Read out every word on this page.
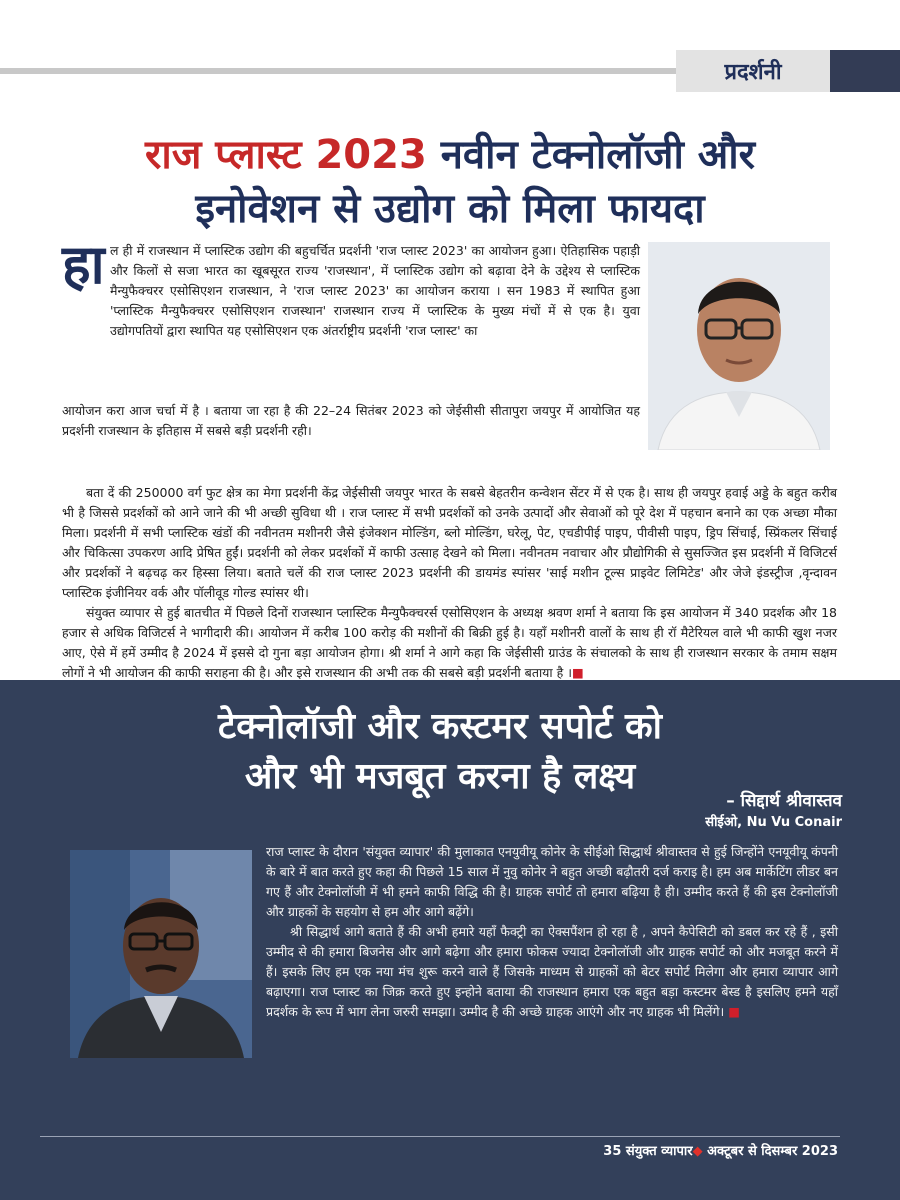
प्रदर्शनी
राज प्लास्ट 2023 नवीन टेक्नोलॉजी और
इनोवेशन से उद्योग को मिला फायदा
हा ल ही में राजस्थान में प्लास्टिक उद्योग की बहुचर्चित प्रदर्शनी 'राज प्लास्ट 2023' का आयोजन हुआ। ऐतिहासिक पहाड़ी और किलों से सजा भारत का खूबसूरत राज्य 'राजस्थान', में प्लास्टिक उद्योग को बढ़ावा देने के उद्देश्य से प्लास्टिक मैन्युफैक्चरर एसोसिएशन राजस्थान, ने 'राज प्लास्ट 2023' का आयोजन कराया । सन 1983 में स्थापित हुआ 'प्लास्टिक मैन्युफैक्चरर एसोसिएशन राजस्थान' राजस्थान राज्य में प्लास्टिक के मुख्य मंचों में से एक है। युवा उद्योगपतियों द्वारा स्थापित यह एसोसिएशन एक अंतर्राष्ट्रीय प्रदर्शनी 'राज प्लास्ट' का

आयोजन करा आज चर्चा में है । बताया जा रहा है की 22–24 सितंबर 2023 को जेईसीसी सीतापुरा जयपुर में आयोजित यह प्रदर्शनी राजस्थान के इतिहास में सबसे बड़ी प्रदर्शनी रही।

बता दें की 250000 वर्ग फुट क्षेत्र का मेगा प्रदर्शनी केंद्र जेईसीसी जयपुर भारत के सबसे बेहतरीन कन्वेशन सेंटर में से एक है। साथ ही जयपुर हवाई अड्डे के बहुत करीब भी है जिससे प्रदर्शकों को आने जाने की भी अच्छी सुविधा थी । राज प्लास्ट में सभी प्रदर्शकों को उनके उत्पादों और सेवाओं को पूरे देश में पहचान बनाने का एक अच्छा मौका मिला। प्रदर्शनी में सभी प्लास्टिक खंडों की नवीनतम मशीनरी जैसे इंजेक्शन मोल्डिंग, ब्लो मोल्डिंग, घरेलू, पेट, एचडीपीई पाइप, पीवीसी पाइप, ड्रिप सिंचाई, स्प्रिंकलर सिंचाई और चिकित्सा उपकरण आदि प्रेषित हुईं। प्रदर्शनी को लेकर प्रदर्शकों में काफी उत्साह देखने को मिला। नवीनतम नवाचार और प्रौद्योगिकी से सुसज्जित इस प्रदर्शनी में विजिटर्स और प्रदर्शकों ने बढ़चढ़ कर हिस्सा लिया। बताते चलें की राज प्लास्ट 2023 प्रदर्शनी की डायमंड स्पांसर 'साई मशीन टूल्स प्राइवेट लिमिटेड' और जेजे इंडस्ट्रीज ,वृन्दावन प्लास्टिक इंजीनियर वर्क और पॉलीवूड गोल्ड स्पांसर थी।

संयुक्त व्यापार से हुई बातचीत में पिछले दिनों राजस्थान प्लास्टिक मैन्युफैक्चरर्स एसोसिएशन के अध्यक्ष श्रवण शर्मा ने बताया कि इस आयोजन में 340 प्रदर्शक और 18 हजार से अधिक विजिटर्स ने भागीदारी की। आयोजन में करीब 100 करोड़ की मशीनों की बिक्री हुई है। यहाँ मशीनरी वालों के साथ ही रॉ मैटेरियल वाले भी काफी खुश नजर आए, ऐसे में हमें उम्मीद है 2024 में इससे दो गुना बड़ा आयोजन होगा। श्री शर्मा ने आगे कहा कि जेईसीसी ग्राउंड के संचालको के साथ ही राजस्थान सरकार के तमाम सक्षम लोगों ने भी आयोजन की काफी सराहना की है। और इसे राजस्थान की अभी तक की सबसे बड़ी प्रदर्शनी बताया है ।■

टेक्नोलॉजी और कस्टमर सपोर्ट को
और भी मजबूत करना है लक्ष्य
– सिद्दार्थ श्रीवास्तव
सीईओ, Nu Vu Conair

राज प्लास्ट के दौरान 'संयुक्त व्यापार' की मुलाकात एनयुवीयू कोनेर के सीईओ सिद्धार्थ श्रीवास्तव से हुई जिन्होंने एनयूवीयू कंपनी के बारे में बात करते हुए कहा की पिछले 15 साल में नुवु कोनेर ने बहुत अच्छी बढ़ौतरी दर्ज कराइ है। हम अब मार्केटिंग लीडर बन गए हैं और टेक्नोलॉजी में भी हमने काफी विद्धि की है। ग्राहक सपोर्ट तो हमारा बढ़िया है ही। उम्मीद करते हैं की इस टेक्नोलॉजी और ग्राहकों के सहयोग से हम और आगे बढ़ेंगे।

श्री सिद्धार्थ आगे बताते हैं की अभी हमारे यहाँ फैक्ट्री का ऐक्सपैंशन हो रहा है , अपने कैपेसिटी को डबल कर रहे हैं , इसी उम्मीद से की हमारा बिजनेस और आगे बढ़ेगा और हमारा फोकस ज्यादा टेक्नोलॉजी और ग्राहक सपोर्ट को और मजबूत करने में हैं। इसके लिए हम एक नया मंच शुरू करने वाले हैं जिसके माध्यम से ग्राहकों को बेटर सपोर्ट मिलेगा और हमारा व्यापार आगे बढ़ाएगा। राज प्लास्ट का जिक्र करते हुए इन्होने बताया की राजस्थान हमारा एक बहुत बड़ा कस्टमर बेस्ड है इसलिए हमने यहाँ प्रदर्शक के रूप में भाग लेना जरुरी समझा। उम्मीद है की अच्छे ग्राहक आएंगे और नए ग्राहक भी मिलेंगे। ■

35 संयुक्त व्यापार◆ अक्टूबर से दिसम्बर 2023
